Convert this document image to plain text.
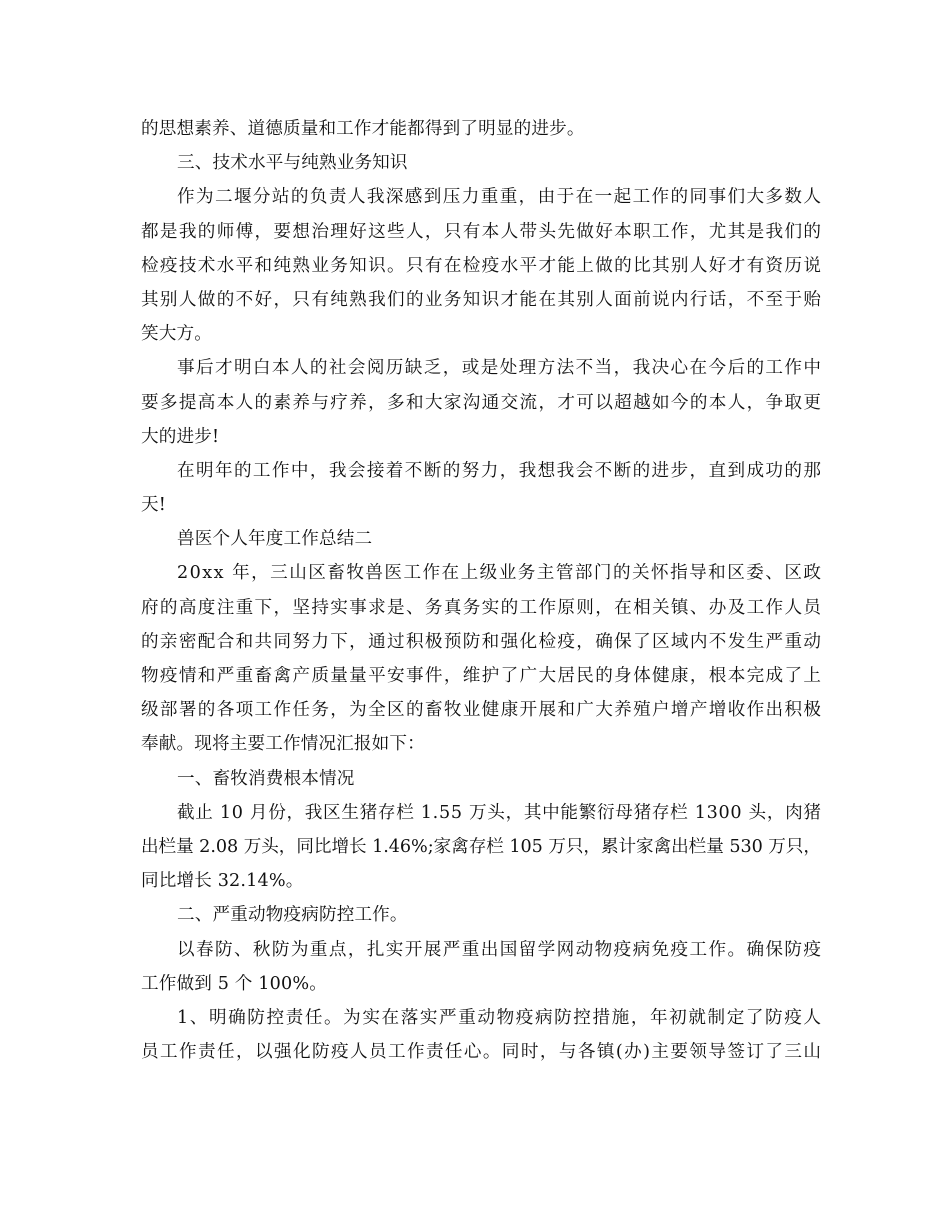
的思想素养、道德质量和工作才能都得到了明显的进步。
三、技术水平与纯熟业务知识
作为二堰分站的负责人我深感到压力重重，由于在一起工作的同事们大多数人
都是我的师傅，要想治理好这些人，只有本人带头先做好本职工作，尤其是我们的
检疫技术水平和纯熟业务知识。只有在检疫水平才能上做的比其别人好才有资历说
其别人做的不好，只有纯熟我们的业务知识才能在其别人面前说内行话，不至于贻
笑大方。
事后才明白本人的社会阅历缺乏，或是处理方法不当，我决心在今后的工作中
要多提高本人的素养与疗养，多和大家沟通交流，才可以超越如今的本人，争取更
大的进步!
在明年的工作中，我会接着不断的努力，我想我会不断的进步，直到成功的那
天!
兽医个人年度工作总结二
20xx 年，三山区畜牧兽医工作在上级业务主管部门的关怀指导和区委、区政
府的高度注重下，坚持实事求是、务真务实的工作原则，在相关镇、办及工作人员
的亲密配合和共同努力下，通过积极预防和强化检疫，确保了区域内不发生严重动
物疫情和严重畜禽产质量量平安事件，维护了广大居民的身体健康，根本完成了上
级部署的各项工作任务，为全区的畜牧业健康开展和广大养殖户增产增收作出积极
奉献。现将主要工作情况汇报如下：
一、畜牧消费根本情况
截止 10 月份，我区生猪存栏 1.55 万头，其中能繁衍母猪存栏 1300 头，肉猪
出栏量 2.08 万头，同比增长 1.46%;家禽存栏 105 万只，累计家禽出栏量 530 万只，
同比增长 32.14%。
二、严重动物疫病防控工作。
以春防、秋防为重点，扎实开展严重出国留学网动物疫病免疫工作。确保防疫
工作做到 5 个 100%。
1、明确防控责任。为实在落实严重动物疫病防控措施，年初就制定了防疫人
员工作责任，以强化防疫人员工作责任心。同时，与各镇(办)主要领导签订了三山
